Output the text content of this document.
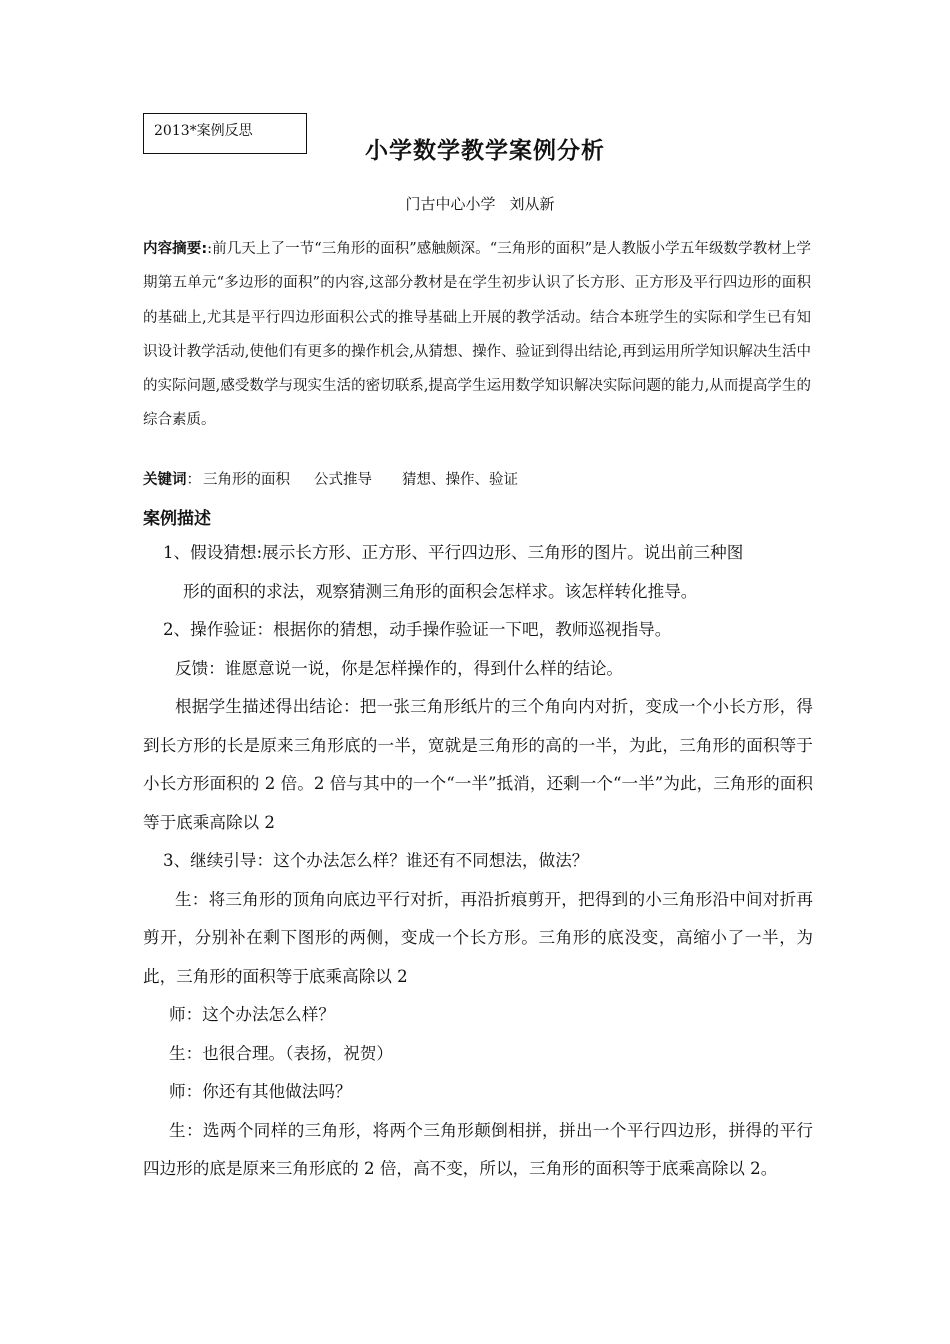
2013*案例反思
小学数学教学案例分析
门古中心小学 刘从新
内容摘要::前几天上了一节“三角形的面积”感触颇深。“三角形的面积”是人教版小学五年级数学教材上学期第五单元“多边形的面积”的内容,这部分教材是在学生初步认识了长方形、正方形及平行四边形的面积的基础上,尤其是平行四边形面积公式的推导基础上开展的教学活动。结合本班学生的实际和学生已有知识设计教学活动,使他们有更多的操作机会,从猜想、操作、验证到得出结论,再到运用所学知识解决生活中的实际问题,感受数学与现实生活的密切联系,提高学生运用数学知识解决实际问题的能力,从而提高学生的综合素质。
关键词： 三角形的面积 公式推导 猜想、操作、验证
案例描述

1、假设猜想:展示长方形、正方形、平行四边形、三角形的图片。说出前三种图

形的面积的求法，观察猜测三角形的面积会怎样求。该怎样转化推导。

2、操作验证：根据你的猜想，动手操作验证一下吧，教师巡视指导。

反馈：谁愿意说一说，你是怎样操作的，得到什么样的结论。

根据学生描述得出结论：把一张三角形纸片的三个角向内对折，变成一个小长方形，得到长方形的长是原来三角形底的一半，宽就是三角形的高的一半，为此，三角形的面积等于小长方形面积的 2 倍。2 倍与其中的一个“一半”抵消，还剩一个“一半”为此，三角形的面积等于底乘高除以 2

3、继续引导：这个办法怎么样？谁还有不同想法，做法？

生：将三角形的顶角向底边平行对折，再沿折痕剪开，把得到的小三角形沿中间对折再剪开，分别补在剩下图形的两侧，变成一个长方形。三角形的底没变，高缩小了一半，为此，三角形的面积等于底乘高除以 2

师：这个办法怎么样？

生：也很合理。（表扬，祝贺）

师：你还有其他做法吗？

生：选两个同样的三角形，将两个三角形颠倒相拼，拼出一个平行四边形，拼得的平行四边形的底是原来三角形底的 2 倍，高不变，所以，三角形的面积等于底乘高除以 2。
